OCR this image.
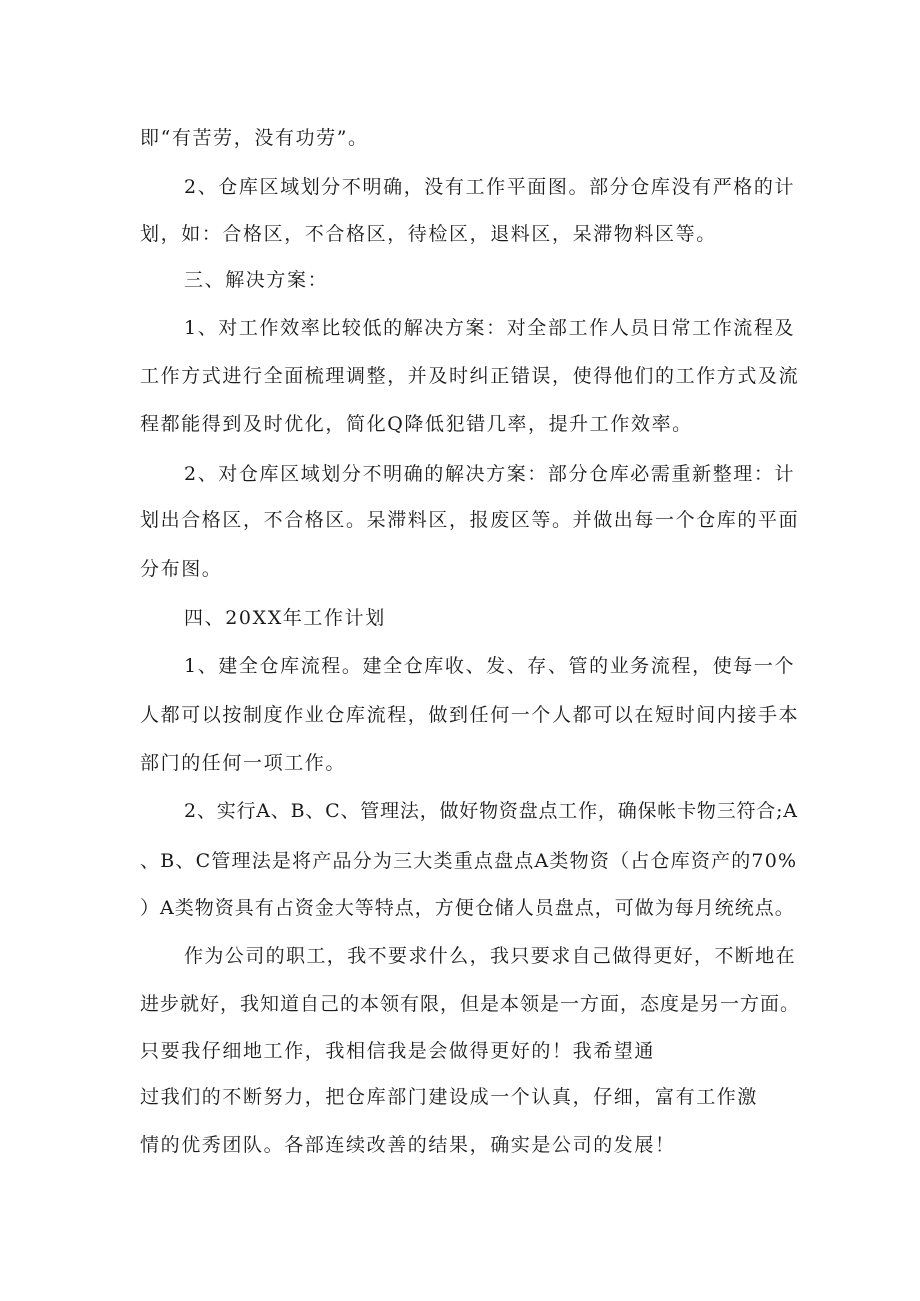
即“有苦劳，没有功劳”。
2、仓库区域划分不明确，没有工作平面图。部分仓库没有严格的计
划，如：合格区，不合格区，待检区，退料区，呆滞物料区等。
三、解决方案：
1、对工作效率比较低的解决方案：对全部工作人员日常工作流程及
工作方式进行全面梳理调整，并及时纠正错误，使得他们的工作方式及流
程都能得到及时优化，简化Q降低犯错几率，提升工作效率。
2、对仓库区域划分不明确的解决方案：部分仓库必需重新整理：计
划出合格区，不合格区。呆滞料区，报废区等。并做出每一个仓库的平面
分布图。
四、20XX年工作计划
1、建全仓库流程。建全仓库收、发、存、管的业务流程，使每一个
人都可以按制度作业仓库流程，做到任何一个人都可以在短时间内接手本
部门的任何一项工作。
2、实行A、B、C、管理法，做好物资盘点工作，确保帐卡物三符合;A
、B、C管理法是将产品分为三大类重点盘点A类物资（占仓库资产的70%
）A类物资具有占资金大等特点，方便仓储人员盘点，可做为每月统统点。
作为公司的职工，我不要求什么，我只要求自己做得更好，不断地在
进步就好，我知道自己的本领有限，但是本领是一方面，态度是另一方面。
只要我仔细地工作，我相信我是会做得更好的！我希望通
过我们的不断努力，把仓库部门建设成一个认真，仔细，富有工作激
情的优秀团队。各部连续改善的结果，确实是公司的发展！
